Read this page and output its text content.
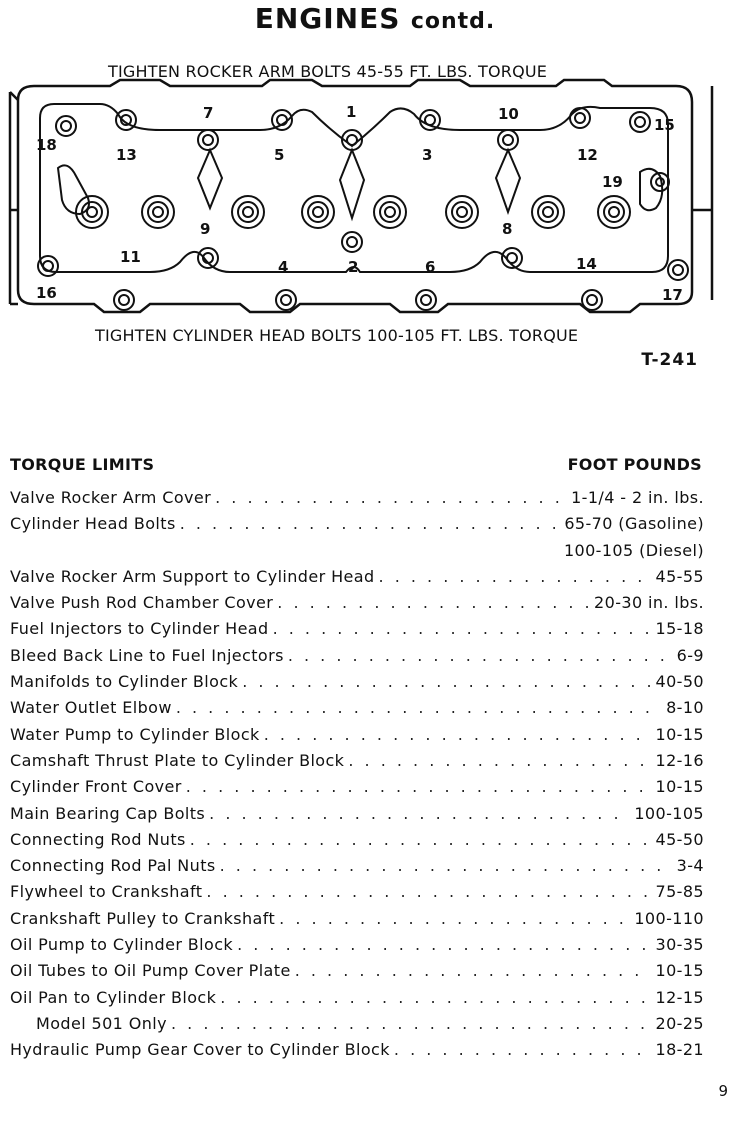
ENGINES contd.
TIGHTEN ROCKER ARM BOLTS 45-55 FT. LBS. TORQUE
1
2
3
4
5
6
7
8
9
10
11
12
13
14
15
16	17
18
19
TIGHTEN CYLINDER HEAD BOLTS 100-105 FT. LBS. TORQUE
T-241
TORQUE LIMITS	FOOT POUNDS
Valve Rocker Arm Cover . . .	1-1/4 - 2 in. lbs.
Cylinder Head Bolts . . .	65-70 (Gasoline)
100-105 (Diesel)
Valve Rocker Arm Support to Cylinder Head . . .	45-55
Valve Push Rod Chamber Cover . . .	20-30 in. lbs.
Fuel Injectors to Cylinder Head . . .	15-18
Bleed Back Line to Fuel Injectors . . .	6-9
Manifolds to Cylinder Block . . .	40-50
Water Outlet Elbow . . .	8-10
Water Pump to Cylinder Block . . .	10-15
Camshaft Thrust Plate to Cylinder Block . . .	12-16
Cylinder Front Cover . . .	10-15
Main Bearing Cap Bolts . . .	100-105
Connecting Rod Nuts . . .	45-50
Connecting Rod Pal Nuts . . .	3-4
Flywheel to Crankshaft . . .	75-85
Crankshaft Pulley to Crankshaft . . .	100-110
Oil Pump to Cylinder Block . . .	30-35
Oil Tubes to Oil Pump Cover Plate . . .	10-15
Oil Pan to Cylinder Block . . .	12-15
Model 501 Only . . .	20-25
Hydraulic Pump Gear Cover to Cylinder Block . . .	18-21
9
